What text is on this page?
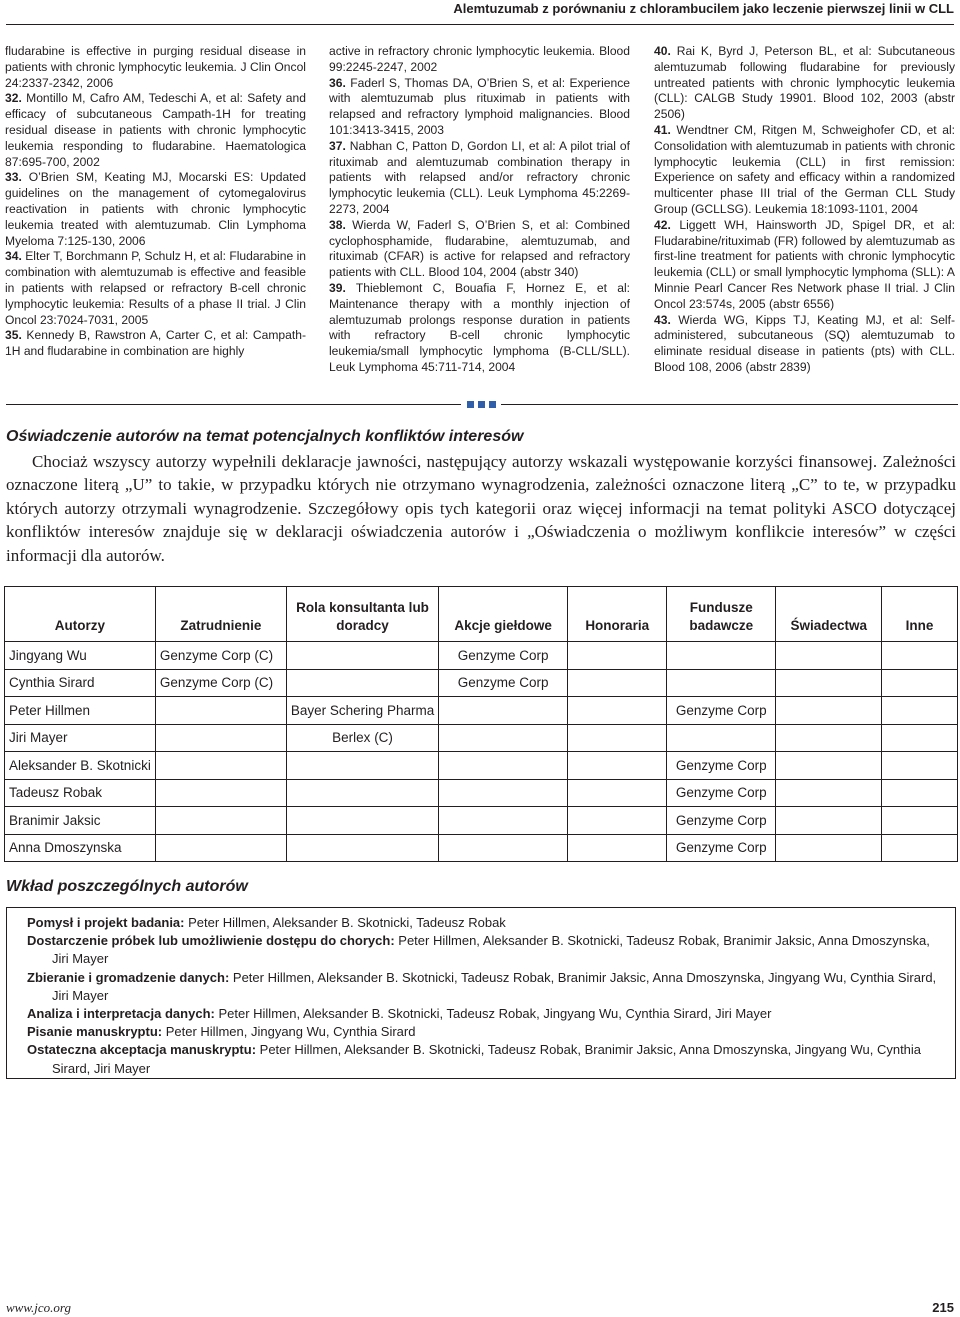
Alemtuzumab z porównaniu z chlorambucilem jako leczenie pierwszej linii w CLL

fludarabine is effective in purging residual disease in patients with chronic lymphocytic leukemia. J Clin Oncol 24:2337-2342, 2006

32. Montillo M, Cafro AM, Tedeschi A, et al: Safety and efficacy of subcutaneous Campath-1H for treating residual disease in patients with chronic lymphocytic leukemia responding to fludarabine. Haematologica 87:695-700, 2002

33. O’Brien SM, Keating MJ, Mocarski ES: Updated guidelines on the management of cytomegalovirus reactivation in patients with chronic lymphocytic leukemia treated with alemtuzumab. Clin Lymphoma Myeloma 7:125-130, 2006

34. Elter T, Borchmann P, Schulz H, et al: Fludarabine in combination with alemtuzumab is effective and feasible in patients with relapsed or refractory B-cell chronic lymphocytic leukemia: Results of a phase II trial. J Clin Oncol 23:7024-7031, 2005

35. Kennedy B, Rawstron A, Carter C, et al: Campath-1H and fludarabine in combination are highly

active in refractory chronic lymphocytic leukemia. Blood 99:2245-2247, 2002

36. Faderl S, Thomas DA, O’Brien S, et al: Experience with alemtuzumab plus rituximab in patients with relapsed and refractory lymphoid malignancies. Blood 101:3413-3415, 2003

37. Nabhan C, Patton D, Gordon LI, et al: A pilot trial of rituximab and alemtuzumab combination therapy in patients with relapsed and/or refractory chronic lymphocytic leukemia (CLL). Leuk Lymphoma 45:2269-2273, 2004

38. Wierda W, Faderl S, O’Brien S, et al: Combined cyclophosphamide, fludarabine, alemtuzumab, and rituximab (CFAR) is active for relapsed and refractory patients with CLL. Blood 104, 2004 (abstr 340)

39. Thieblemont C, Bouafia F, Hornez E, et al: Maintenance therapy with a monthly injection of alemtuzumab prolongs response duration in patients with refractory B-cell chronic lymphocytic leukemia/small lymphocytic lymphoma (B-CLL/SLL). Leuk Lymphoma 45:711-714, 2004

40. Rai K, Byrd J, Peterson BL, et al: Subcutaneous alemtuzumab following fludarabine for previously untreated patients with chronic lymphocytic leukemia (CLL): CALGB Study 19901. Blood 102, 2003 (abstr 2506)

41. Wendtner CM, Ritgen M, Schweighofer CD, et al: Consolidation with alemtuzumab in patients with chronic lymphocytic leukemia (CLL) in first remission: Experience on safety and efficacy within a randomized multicenter phase III trial of the German CLL Study Group (GCLLSG). Leukemia 18:1093-1101, 2004

42. Liggett WH, Hainsworth JD, Spigel DR, et al: Fludarabine/rituximab (FR) followed by alemtuzumab as first-line treatment for patients with chronic lymphocytic leukemia (CLL) or small lymphocytic lymphoma (SLL): A Minnie Pearl Cancer Res Network phase II trial. J Clin Oncol 23:574s, 2005 (abstr 6556)

43. Wierda WG, Kipps TJ, Keating MJ, et al: Self-administered, subcutaneous (SQ) alemtuzumab to eliminate residual disease in patients (pts) with CLL. Blood 108, 2006 (abstr 2839)

Oświadczenie autorów na temat potencjalnych konfliktów interesów

Chociaż wszyscy autorzy wypełnili deklaracje jawności, następujący autorzy wskazali występowanie korzyści finansowej. Zależności oznaczone literą „U” to takie, w przypadku których nie otrzymano wynagrodzenia, zależności oznaczone literą „C” to te, w przypadku których autorzy otrzymali wynagrodzenie. Szczegółowy opis tych kategorii oraz więcej informacji na temat polityki ASCO dotyczącej konfliktów interesów znajduje się w deklaracji oświadczenia autorów i „Oświadczenia o możliwym konflikcie interesów” w części informacji dla autorów.

Autorzy	Zatrudnienie	Rola konsultanta lub doradcy	Akcje giełdowe	Honoraria	Fundusze badawcze	Świadectwa	Inne
Jingyang Wu	Genzyme Corp (C)		Genzyme Corp				
Cynthia Sirard	Genzyme Corp (C)		Genzyme Corp				
Peter Hillmen		Bayer Schering Pharma			Genzyme Corp		
Jiri Mayer		Berlex (C)					
Aleksander B. Skotnicki					Genzyme Corp		
Tadeusz Robak					Genzyme Corp		
Branimir Jaksic					Genzyme Corp		
Anna Dmoszynska					Genzyme Corp		
Wkład poszczególnych autorów

Pomysł i projekt badania: Peter Hillmen, Aleksander B. Skotnicki, Tadeusz Robak

Dostarczenie próbek lub umożliwienie dostępu do chorych: Peter Hillmen, Aleksander B. Skotnicki, Tadeusz Robak, Branimir Jaksic, Anna Dmoszynska, Jiri Mayer

Zbieranie i gromadzenie danych: Peter Hillmen, Aleksander B. Skotnicki, Tadeusz Robak, Branimir Jaksic, Anna Dmoszynska, Jingyang Wu, Cynthia Sirard, Jiri Mayer

Analiza i interpretacja danych: Peter Hillmen, Aleksander B. Skotnicki, Tadeusz Robak, Jingyang Wu, Cynthia Sirard, Jiri Mayer

Pisanie manuskryptu: Peter Hillmen, Jingyang Wu, Cynthia Sirard

Ostateczna akceptacja manuskryptu: Peter Hillmen, Aleksander B. Skotnicki, Tadeusz Robak, Branimir Jaksic, Anna Dmoszynska, Jingyang Wu, Cynthia Sirard, Jiri Mayer

www.jco.org	215
